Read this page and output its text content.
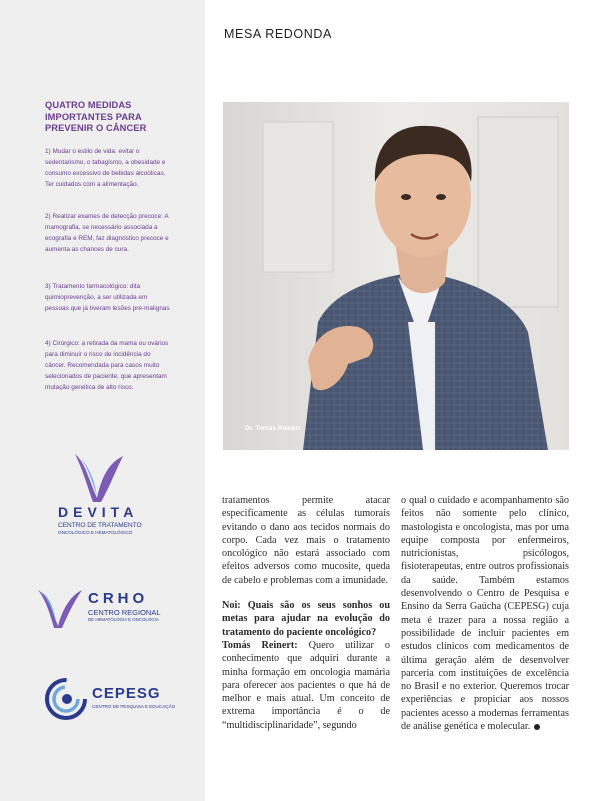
QUATRO MEDIDAS IMPORTANTES PARA PREVENIR O CÂNCER
1) Mudar o estilo de vida: evitar o sedentarismo, o tabagismo, a obesidade e consumo excessivo de bebidas alcoólicas. Ter cuidados com a alimentação.
2) Realizar exames de detecção precoce: A mamografia, se necessário associada a ecografia e REM, faz diagnóstico precoce e aumenta as chances de cura.
3) Tratamento farmacológico: dita quimioprevenção, a ser utilizada em pessoas que já tiveram lesões pré-malignas
4) Cirúrgico: a retirada da mama ou ovários para diminuir o risco de incidência do câncer. Recomendada para casos muito selecionados de paciente, que apresentam mutação genética de alto risco.
DEVITA
CENTRO DE TRATAMENTO
ONCOLÓGICO E HEMATOLÓGICO
CRHO
CENTRO REGIONAL
DE HEMATOLOGIA E ONCOLOGIA
CEPESG
CENTRO DE PESQUISA E EDUCAÇÃO
MESA REDONDA
Dr. Tomás Reinert

tratamentos permite atacar especificamente as células tumorais evitando o dano aos tecidos normais do corpo. Cada vez mais o tratamento oncológico não estará associado com efeitos adversos como mucosite, queda de cabelo e problemas com a imunidade.

Noi: Quais são os seus sonhos ou metas para ajudar na evolução do tratamento do paciente oncológico?

Tomás Reinert: Quero utilizar o conhecimento que adquiri durante a minha formação em oncologia mamária para oferecer aos pacientes o que há de melhor e mais atual. Um conceito de extrema importância é o de “multidisciplinaridade”, segundo

o qual o cuidado e acompanhamento são feitos não somente pelo clínico, mastologista e oncologista, mas por uma equipe composta por enfermeiros, nutricionistas, psicólogos, fisioterapeutas, entre outros profissionais da saúde. Também estamos desenvolvendo o Centro de Pesquisa e Ensino da Serra Gaúcha (CEPESG) cuja meta é trazer para a nossa região a possibilidade de incluir pacientes em estudos clínicos com medicamentos de última geração além de desenvolver parceria com instituições de excelência no Brasil e no exterior. Queremos trocar experiências e propiciar aos nossos pacientes acesso a modernas ferramentas de análise genética e molecular.
